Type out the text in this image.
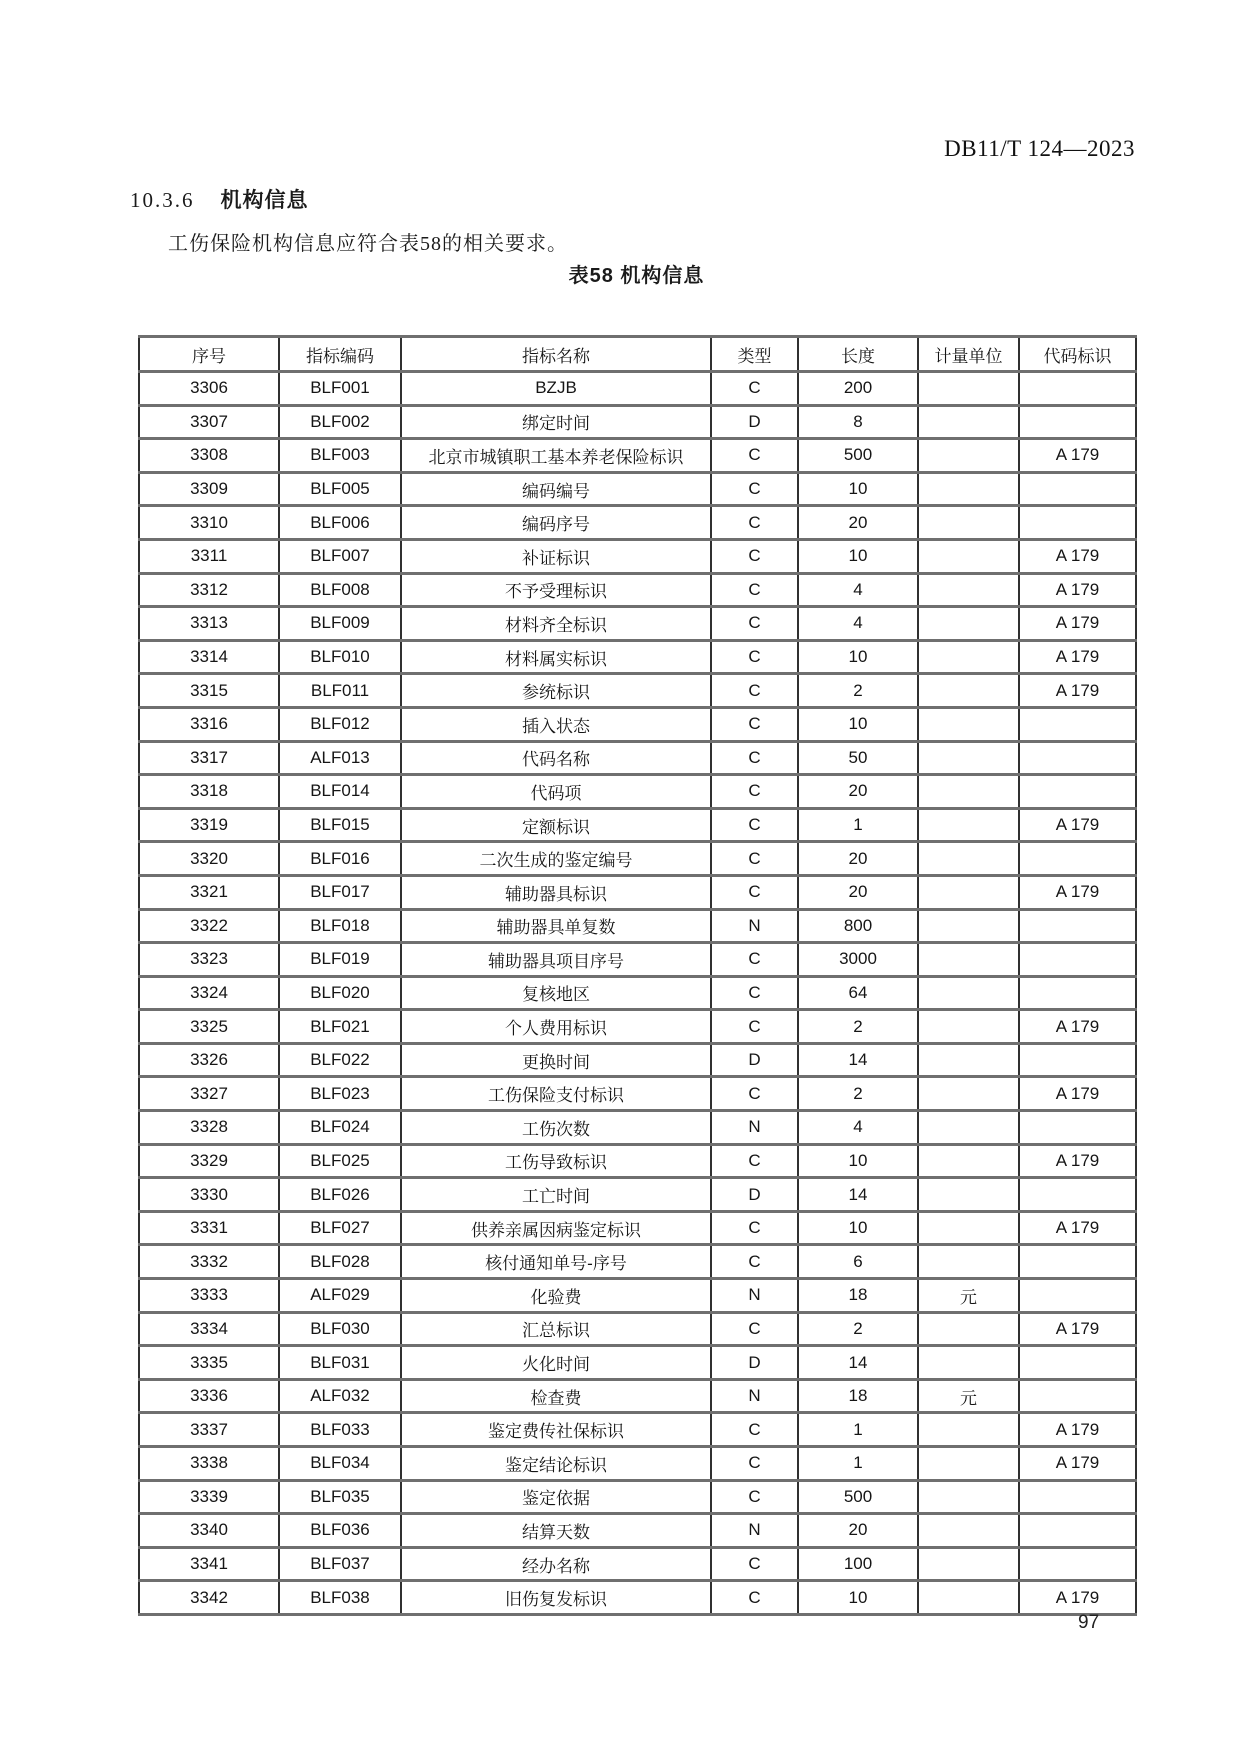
DB11/T 124—2023
10.3.6 机构信息
工伤保险机构信息应符合表58的相关要求。
表58 机构信息
序号	指标编码	指标名称	类型	长度	计量单位	代码标识
3306	BLF001	BZJB	C	200		
3307	BLF002	绑定时间	D	8		
3308	BLF003	北京市城镇职工基本养老保险标识	C	500		A 179
3309	BLF005	编码编号	C	10		
3310	BLF006	编码序号	C	20		
3311	BLF007	补证标识	C	10		A 179
3312	BLF008	不予受理标识	C	4		A 179
3313	BLF009	材料齐全标识	C	4		A 179
3314	BLF010	材料属实标识	C	10		A 179
3315	BLF011	参统标识	C	2		A 179
3316	BLF012	插入状态	C	10		
3317	ALF013	代码名称	C	50		
3318	BLF014	代码项	C	20		
3319	BLF015	定额标识	C	1		A 179
3320	BLF016	二次生成的鉴定编号	C	20		
3321	BLF017	辅助器具标识	C	20		A 179
3322	BLF018	辅助器具单复数	N	800		
3323	BLF019	辅助器具项目序号	C	3000		
3324	BLF020	复核地区	C	64		
3325	BLF021	个人费用标识	C	2		A 179
3326	BLF022	更换时间	D	14		
3327	BLF023	工伤保险支付标识	C	2		A 179
3328	BLF024	工伤次数	N	4		
3329	BLF025	工伤导致标识	C	10		A 179
3330	BLF026	工亡时间	D	14		
3331	BLF027	供养亲属因病鉴定标识	C	10		A 179
3332	BLF028	核付通知单号-序号	C	6		
3333	ALF029	化验费	N	18	元	
3334	BLF030	汇总标识	C	2		A 179
3335	BLF031	火化时间	D	14		
3336	ALF032	检查费	N	18	元	
3337	BLF033	鉴定费传社保标识	C	1		A 179
3338	BLF034	鉴定结论标识	C	1		A 179
3339	BLF035	鉴定依据	C	500		
3340	BLF036	结算天数	N	20		
3341	BLF037	经办名称	C	100		
3342	BLF038	旧伤复发标识	C	10		A 179
97
